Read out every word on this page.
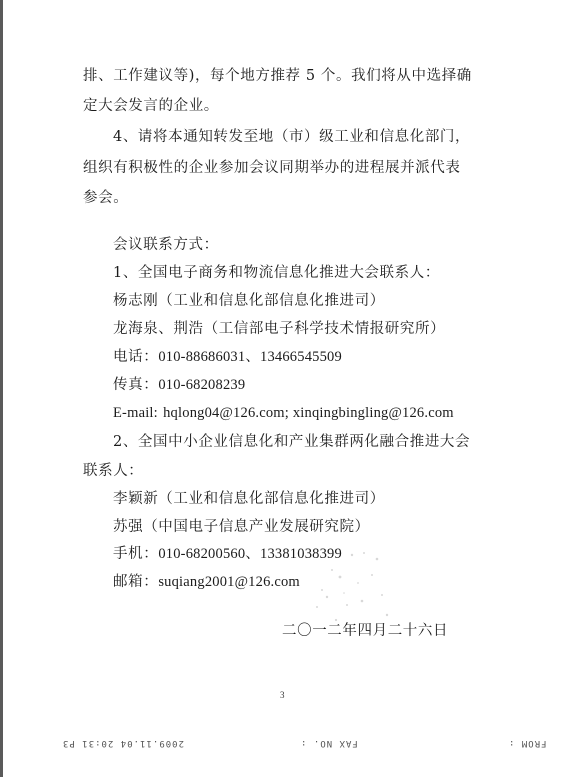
排、工作建议等)，每个地方推荐 5 个。我们将从中选择确
定大会发言的企业。
4、请将本通知转发至地（市）级工业和信息化部门，
组织有积极性的企业参加会议同期举办的进程展并派代表
参会。
会议联系方式：
1、全国电子商务和物流信息化推进大会联系人：
杨志刚（工业和信息化部信息化推进司）
龙海泉、荆浩（工信部电子科学技术情报研究所）
电话：010-88686031、13466545509
传真：010-68208239
E-mail: hqlong04@126.com; xinqingbingling@126.com
2、全国中小企业信息化和产业集群两化融合推进大会
联系人：
李颖新（工业和信息化部信息化推进司）
苏强（中国电子信息产业发展研究院）
手机：010-68200560、13381038399
邮箱：suqiang2001@126.com
二〇一二年四月二十六日
3
2009.11.04 20:31 P3	FAX NO. :	FROM :
